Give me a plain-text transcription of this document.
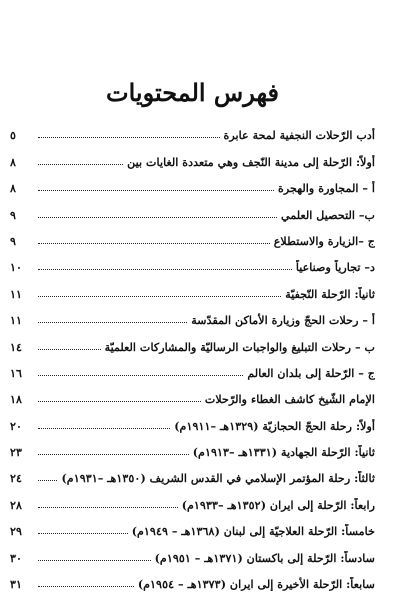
فهرس المحتويات
أدب الرّحلات النجفية لمحة عابرة
٥
أولاً: الرّحلة إلى مدينة النّجف وهي متعددة الغايات بين
٨
أ – المجاورة والهجرة
٨
ب– التحصيل العلمي
٩
ج –الزيارة والاستطلاع
٩
د– تجارياً وصناعياً
١٠
ثانياً: الرّحلة النّجفيّة
١١
أ – رحلات الحجّ وزيارة الأماكن المقدّسة
١١
ب – رحلات التبليغ والواجبات الرساليّة والمشاركات العلميّة
١٤
ج – الرّحلة إلى بلدان العالم
١٦
الإمام الشّيخ كاشف الغطاء والرّحلات
١٨
أولاً: رحلة الحجّ الحجازيّة (١٣٢٩هـ –١٩١١م)
٢٠
ثانياً: الرّحلة الجهادية (١٣٣١هـ –١٩١٣م)
٢٣
ثالثاً: رحلة المؤتمر الإسلامي في القدس الشريف (١٣٥٠هـ –١٩٣١م)
٢٤
رابعاً: الرّحلة إلى ايران (١٣٥٢هـ –١٩٣٣م)
٢٨
خامساً: الرّحلة العلاجيّة إلى لبنان (١٣٦٨هـ – ١٩٤٩م)
٢٩
سادساً: الرّحلة إلى باكستان (١٣٧١هـ – ١٩٥١م)
٣٠
سابعاً: الرّحلة الأخيرة إلى ايران (١٣٧٣هـ – ١٩٥٤م)
٣١
